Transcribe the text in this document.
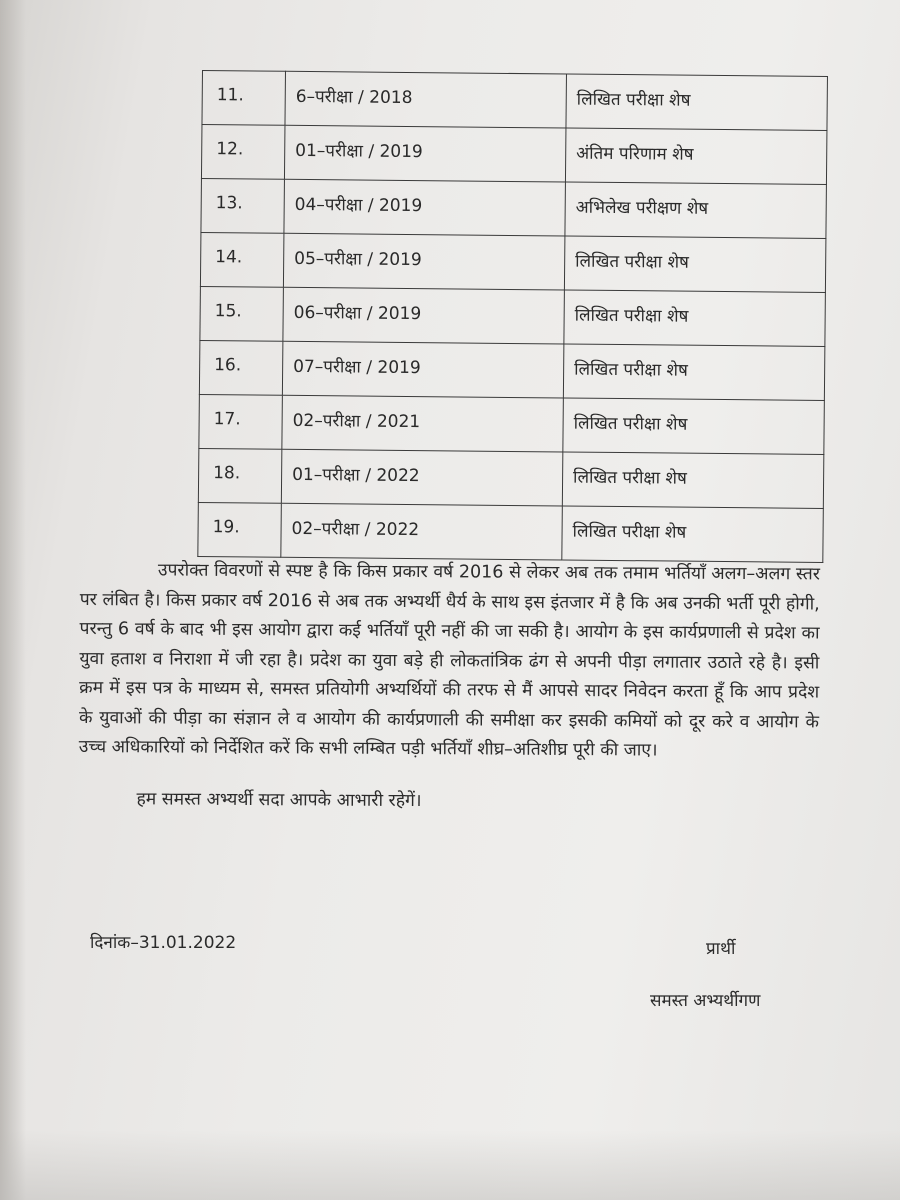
11.	6–परीक्षा / 2018	लिखित परीक्षा शेष
12.	01–परीक्षा / 2019	अंतिम परिणाम शेष
13.	04–परीक्षा / 2019	अभिलेख परीक्षण शेष
14.	05–परीक्षा / 2019	लिखित परीक्षा शेष
15.	06–परीक्षा / 2019	लिखित परीक्षा शेष
16.	07–परीक्षा / 2019	लिखित परीक्षा शेष
17.	02–परीक्षा / 2021	लिखित परीक्षा शेष
18.	01–परीक्षा / 2022	लिखित परीक्षा शेष
19.	02–परीक्षा / 2022	लिखित परीक्षा शेष

उपरोक्त विवरणों से स्पष्ट है कि किस प्रकार वर्ष 2016 से लेकर अब तक तमाम भर्तियाँ अलग–अलग स्तर पर लंबित है। किस प्रकार वर्ष 2016 से अब तक अभ्यर्थी धैर्य के साथ इस इंतजार में है कि अब उनकी भर्ती पूरी होगी, परन्तु 6 वर्ष के बाद भी इस आयोग द्वारा कई भर्तियाँ पूरी नहीं की जा सकी है। आयोग के इस कार्यप्रणाली से प्रदेश का युवा हताश व निराशा में जी रहा है। प्रदेश का युवा बड़े ही लोकतांत्रिक ढंग से अपनी पीड़ा लगातार उठाते रहे है। इसी क्रम में इस पत्र के माध्यम से, समस्त प्रतियोगी अभ्यर्थियों की तरफ से मैं आपसे सादर निवेदन करता हूँ कि आप प्रदेश के युवाओं की पीड़ा का संज्ञान ले व आयोग की कार्यप्रणाली की समीक्षा कर इसकी कमियों को दूर करे व आयोग के उच्च अधिकारियों को निर्देशित करें कि सभी लम्बित पड़ी भर्तियाँ शीघ्र–अतिशीघ्र पूरी की जाए।

हम समस्त अभ्यर्थी सदा आपके आभारी रहेगें।

दिनांक–31.01.2022	प्रार्थी
समस्त अभ्यर्थीगण
